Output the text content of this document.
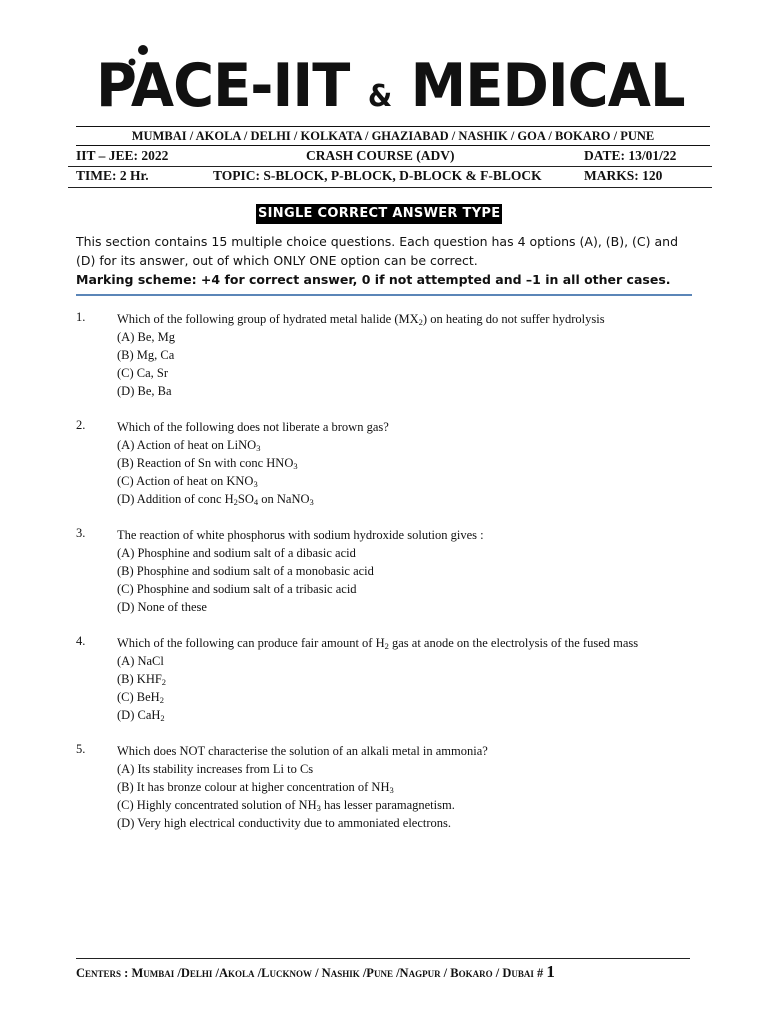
PACE-IIT & MEDICAL
MUMBAI / AKOLA / DELHI / KOLKATA / GHAZIABAD / NASHIK / GOA / BOKARO / PUNE
IIT – JEE: 2022	CRASH COURSE (ADV)	DATE: 13/01/22
TIME: 2 Hr.	TOPIC: S-BLOCK, P-BLOCK, D-BLOCK & F-BLOCK	MARKS: 120
SINGLE CORRECT ANSWER TYPE
This section contains 15 multiple choice questions. Each question has 4 options (A), (B), (C) and (D) for its answer, out of which ONLY ONE option can be correct.
Marking scheme: +4 for correct answer, 0 if not attempted and –1 in all other cases.
1.	Which of the following group of hydrated metal halide $(MX_2)$ on heating do not suffer hydrolysis
(A) Be, Mg
(B) Mg, Ca
(C) Ca, Sr
(D) Be, Ba
2.	Which of the following does not liberate a brown gas?
(A) Action of heat on LiNO$_3$
(B) Reaction of Sn with conc $HNO_3$
(C) Action of heat on $KNO_3$
(D) Addition of conc $H_2SO_4$ on NaNO$_3$
3.	The reaction of white phosphorus with sodium hydroxide solution gives :
(A) Phosphine and sodium salt of a dibasic acid
(B) Phosphine and sodium salt of a monobasic acid
(C) Phosphine and sodium salt of a tribasic acid
(D) None of these
4.	Which of the following can produce fair amount of $H_2$ gas at anode on the electrolysis of the fused mass
(A) NaCl
(B) $KHF_2$
(C) BeH$_2$
(D) CaH$_2$
5.	Which does NOT characterise the solution of an alkali metal in ammonia?
(A) Its stability increases from Li to Cs
(B) It has bronze colour at higher concentration of $NH_3$
(C) Highly concentrated solution of $NH_3$ has lesser paramagnetism.
(D) Very high electrical conductivity due to ammoniated electrons.
Centers : Mumbai /Delhi /Akola /Lucknow / Nashik /Pune /Nagpur / Bokaro / Dubai # 1
